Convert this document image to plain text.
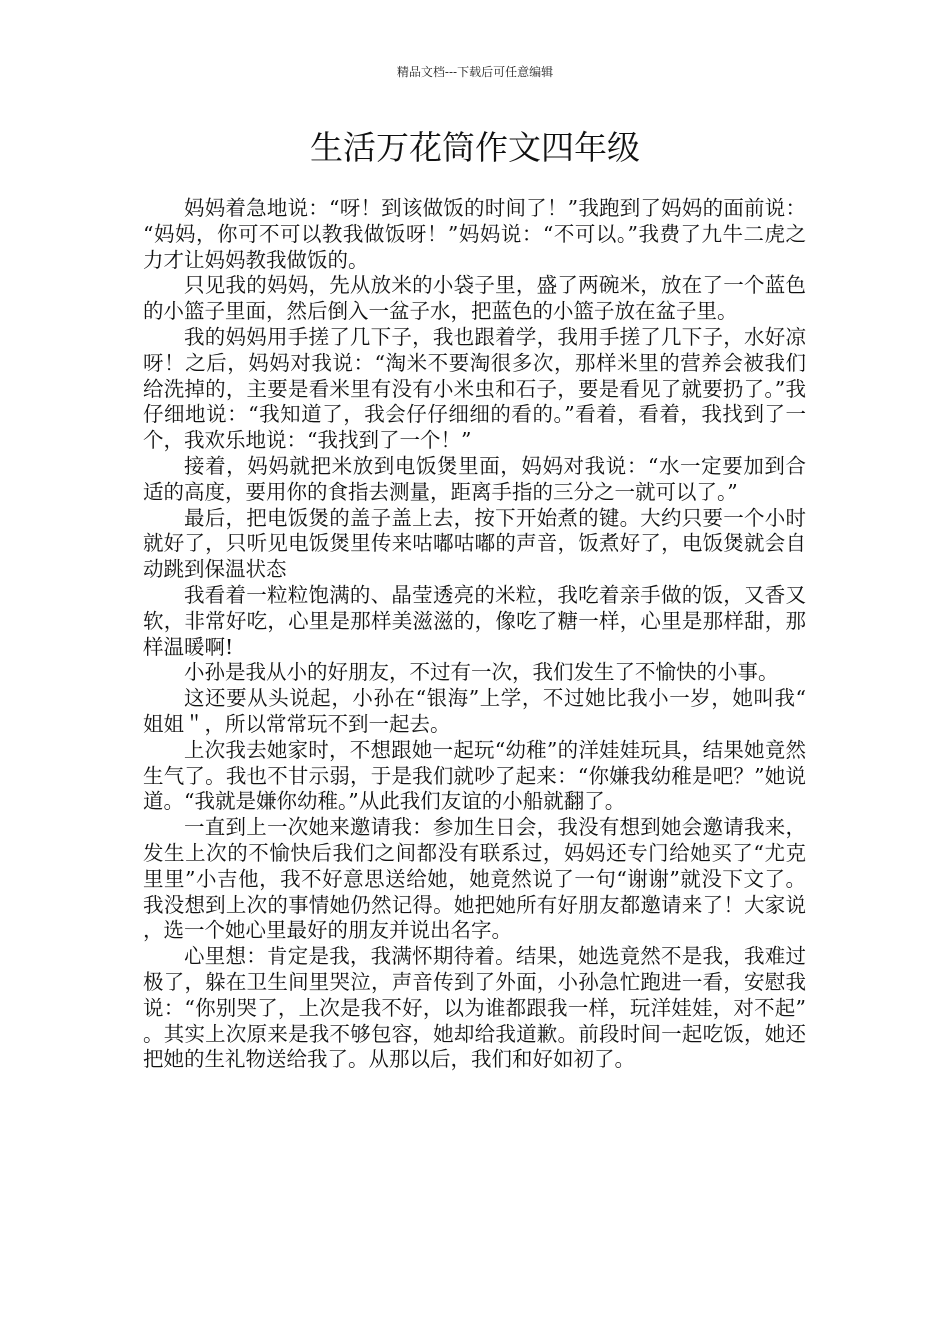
精品文档---下载后可任意编辑
生活万花筒作文四年级

妈妈着急地说：“呀！到该做饭的时间了！”我跑到了妈妈的面前说：“妈妈，你可不可以教我做饭呀！”妈妈说：“不可以。”我费了九牛二虎之力才让妈妈教我做饭的。

只见我的妈妈，先从放米的小袋子里，盛了两碗米，放在了一个蓝色的小篮子里面，然后倒入一盆子水，把蓝色的小篮子放在盆子里。

我的妈妈用手搓了几下子，我也跟着学，我用手搓了几下子，水好凉呀！之后，妈妈对我说：“淘米不要淘很多次，那样米里的营养会被我们给洗掉的，主要是看米里有没有小米虫和石子，要是看见了就要扔了。”我仔细地说：“我知道了，我会仔仔细细的看的。”看着，看着，我找到了一个，我欢乐地说：“我找到了一个！”

接着，妈妈就把米放到电饭煲里面，妈妈对我说：“水一定要加到合适的高度，要用你的食指去测量，距离手指的三分之一就可以了。”

最后，把电饭煲的盖子盖上去，按下开始煮的键。大约只要一个小时就好了，只听见电饭煲里传来咕嘟咕嘟的声音，饭煮好了，电饭煲就会自动跳到保温状态

我看着一粒粒饱满的、晶莹透亮的米粒，我吃着亲手做的饭，又香又软，非常好吃，心里是那样美滋滋的，像吃了糖一样，心里是那样甜，那样温暖啊!

小孙是我从小的好朋友，不过有一次，我们发生了不愉快的小事。

这还要从头说起，小孙在“银海”上学，不过她比我小一岁，她叫我“姐姐＂，所以常常玩不到一起去。

上次我去她家时，不想跟她一起玩“幼稚”的洋娃娃玩具，结果她竟然生气了。我也不甘示弱，于是我们就吵了起来：“你嫌我幼稚是吧？”她说道。“我就是嫌你幼稚。”从此我们友谊的小船就翻了。

一直到上一次她来邀请我：参加生日会，我没有想到她会邀请我来，发生上次的不愉快后我们之间都没有联系过，妈妈还专门给她买了“尤克里里”小吉他，我不好意思送给她，她竟然说了一句“谢谢”就没下文了。我没想到上次的事情她仍然记得。她把她所有好朋友都邀请来了！大家说，选一个她心里最好的朋友并说出名字。

心里想：肯定是我，我满怀期待着。结果，她选竟然不是我，我难过极了，躲在卫生间里哭泣，声音传到了外面，小孙急忙跑进一看，安慰我说：“你别哭了，上次是我不好，以为谁都跟我一样，玩洋娃娃，对不起”。其实上次原来是我不够包容，她却给我道歉。前段时间一起吃饭，她还把她的生礼物送给我了。从那以后，我们和好如初了。
